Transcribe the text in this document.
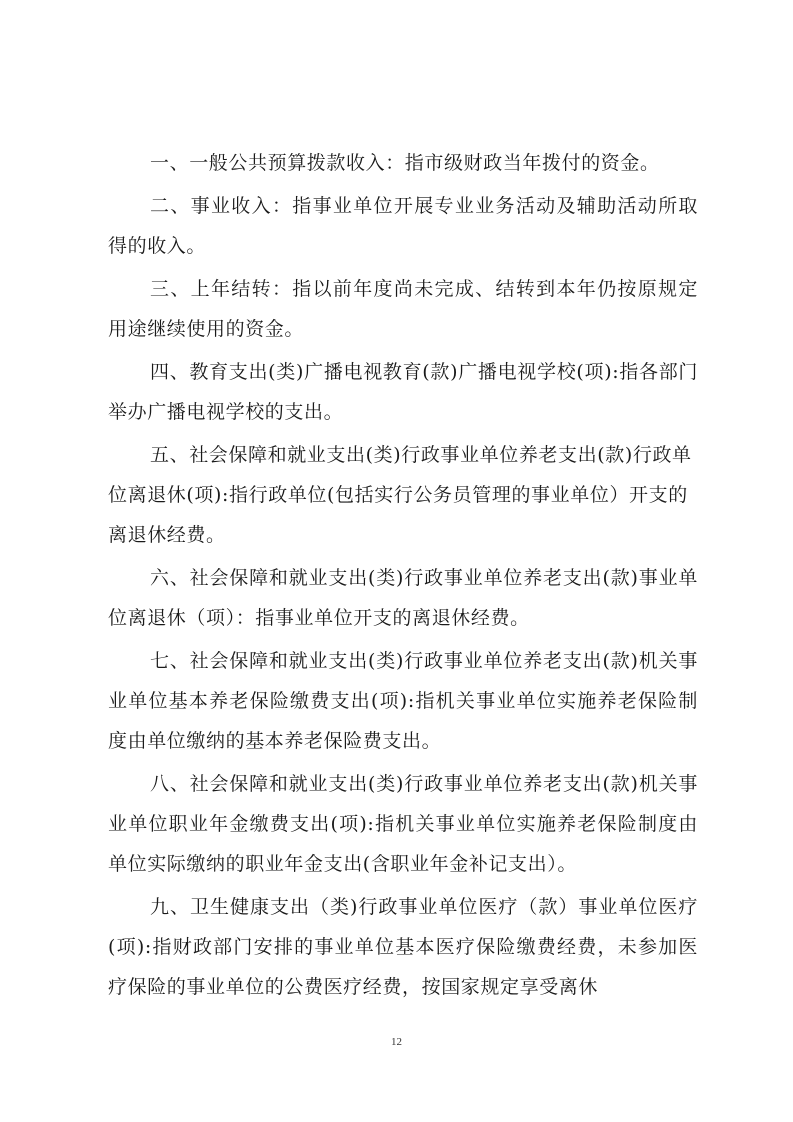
一、一般公共预算拨款收入：指市级财政当年拨付的资金。

二、事业收入：指事业单位开展专业业务活动及辅助活动所取得的收入。

三、上年结转：指以前年度尚未完成、结转到本年仍按原规定用途继续使用的资金。

四、教育支出(类)广播电视教育(款)广播电视学校(项):指各部门举办广播电视学校的支出。

五、社会保障和就业支出(类)行政事业单位养老支出(款)行政单位离退休(项):指行政单位(包括实行公务员管理的事业单位）开支的离退休经费。

六、社会保障和就业支出(类)行政事业单位养老支出(款)事业单位离退休（项）：指事业单位开支的离退休经费。

七、社会保障和就业支出(类)行政事业单位养老支出(款)机关事业单位基本养老保险缴费支出(项):指机关事业单位实施养老保险制度由单位缴纳的基本养老保险费支出。

八、社会保障和就业支出(类)行政事业单位养老支出(款)机关事业单位职业年金缴费支出(项):指机关事业单位实施养老保险制度由单位实际缴纳的职业年金支出(含职业年金补记支出）。

九、卫生健康支出（类)行政事业单位医疗（款）事业单位医疗(项):指财政部门安排的事业单位基本医疗保险缴费经费，未参加医疗保险的事业单位的公费医疗经费，按国家规定享受离休

12
